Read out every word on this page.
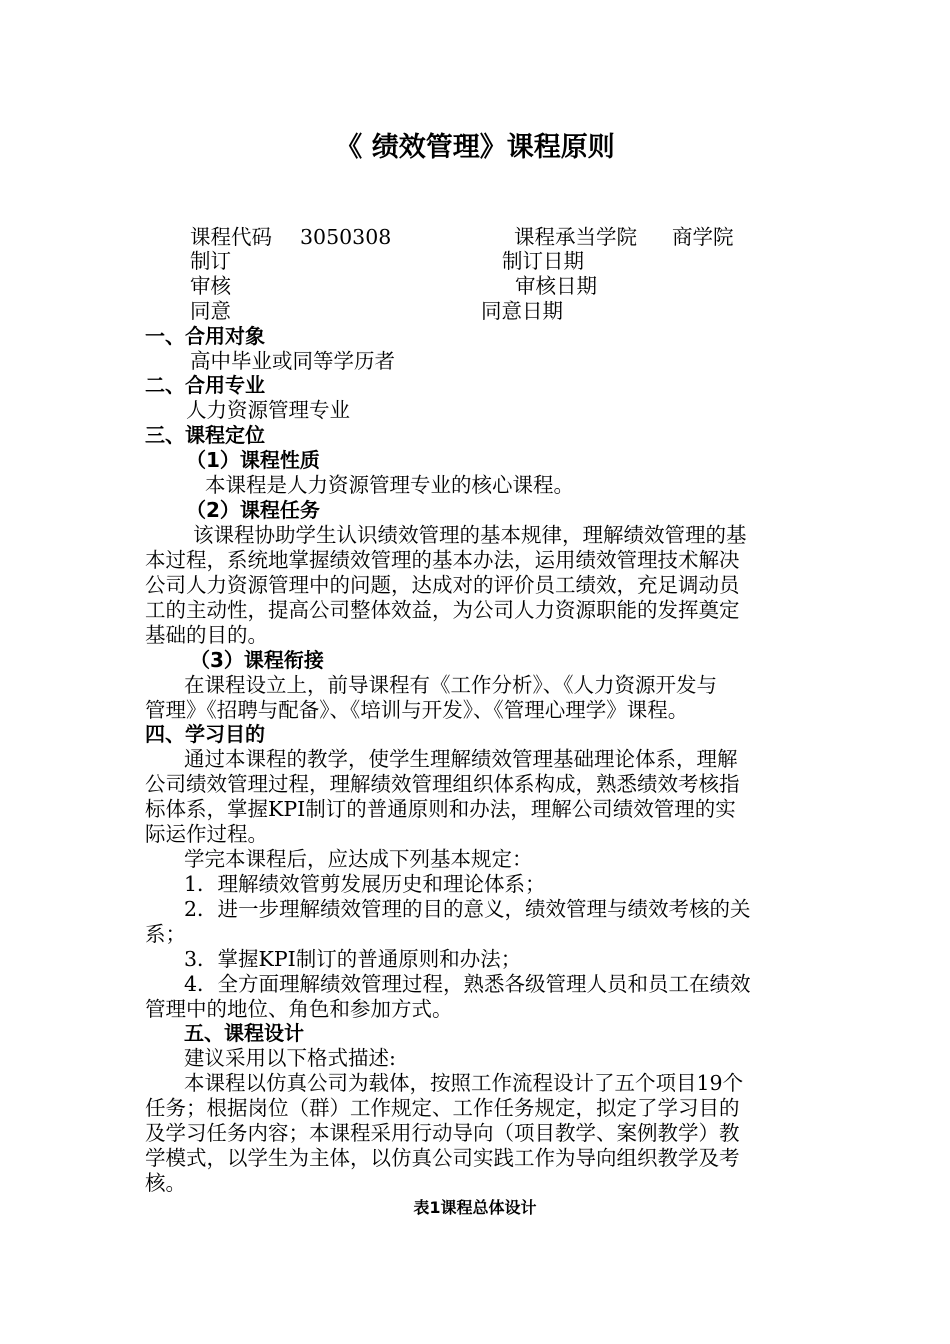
《 绩效管理》课程原则

课程代码 3050308	课程承当学院 商学院

制订	制订日期

审核	审核日期

同意	同意日期

一、合用对象

高中毕业或同等学历者

二、合用专业

人力资源管理专业

三、课程定位

（1）课程性质

本课程是人力资源管理专业的核心课程。

（2）课程任务

该课程协助学生认识绩效管理的基本规律，理解绩效管理的基

本过程，系统地掌握绩效管理的基本办法，运用绩效管理技术解决

公司人力资源管理中的问题，达成对的评价员工绩效，充足调动员

工的主动性，提高公司整体效益，为公司人力资源职能的发挥奠定

基础的目的。

（3）课程衔接

在课程设立上，前导课程有《工作分析》、《人力资源开发与

管理》《招聘与配备》、《培训与开发》、《管理心理学》课程。

四、学习目的

通过本课程的教学，使学生理解绩效管理基础理论体系，理解

公司绩效管理过程，理解绩效管理组织体系构成，熟悉绩效考核指

标体系，掌握KPI制订的普通原则和办法，理解公司绩效管理的实

际运作过程。

学完本课程后，应达成下列基本规定：

1．理解绩效管剪发展历史和理论体系；

2．进一步理解绩效管理的目的意义，绩效管理与绩效考核的关

系；

3．掌握KPI制订的普通原则和办法；

4．全方面理解绩效管理过程，熟悉各级管理人员和员工在绩效

管理中的地位、角色和参加方式。

五、课程设计

建议采用以下格式描述:

本课程以仿真公司为载体，按照工作流程设计了五个项目19个

任务；根据岗位（群）工作规定、工作任务规定，拟定了学习目的

及学习任务内容；本课程采用行动导向（项目教学、案例教学）教

学模式，以学生为主体，以仿真公司实践工作为导向组织教学及考

核。

表1课程总体设计
